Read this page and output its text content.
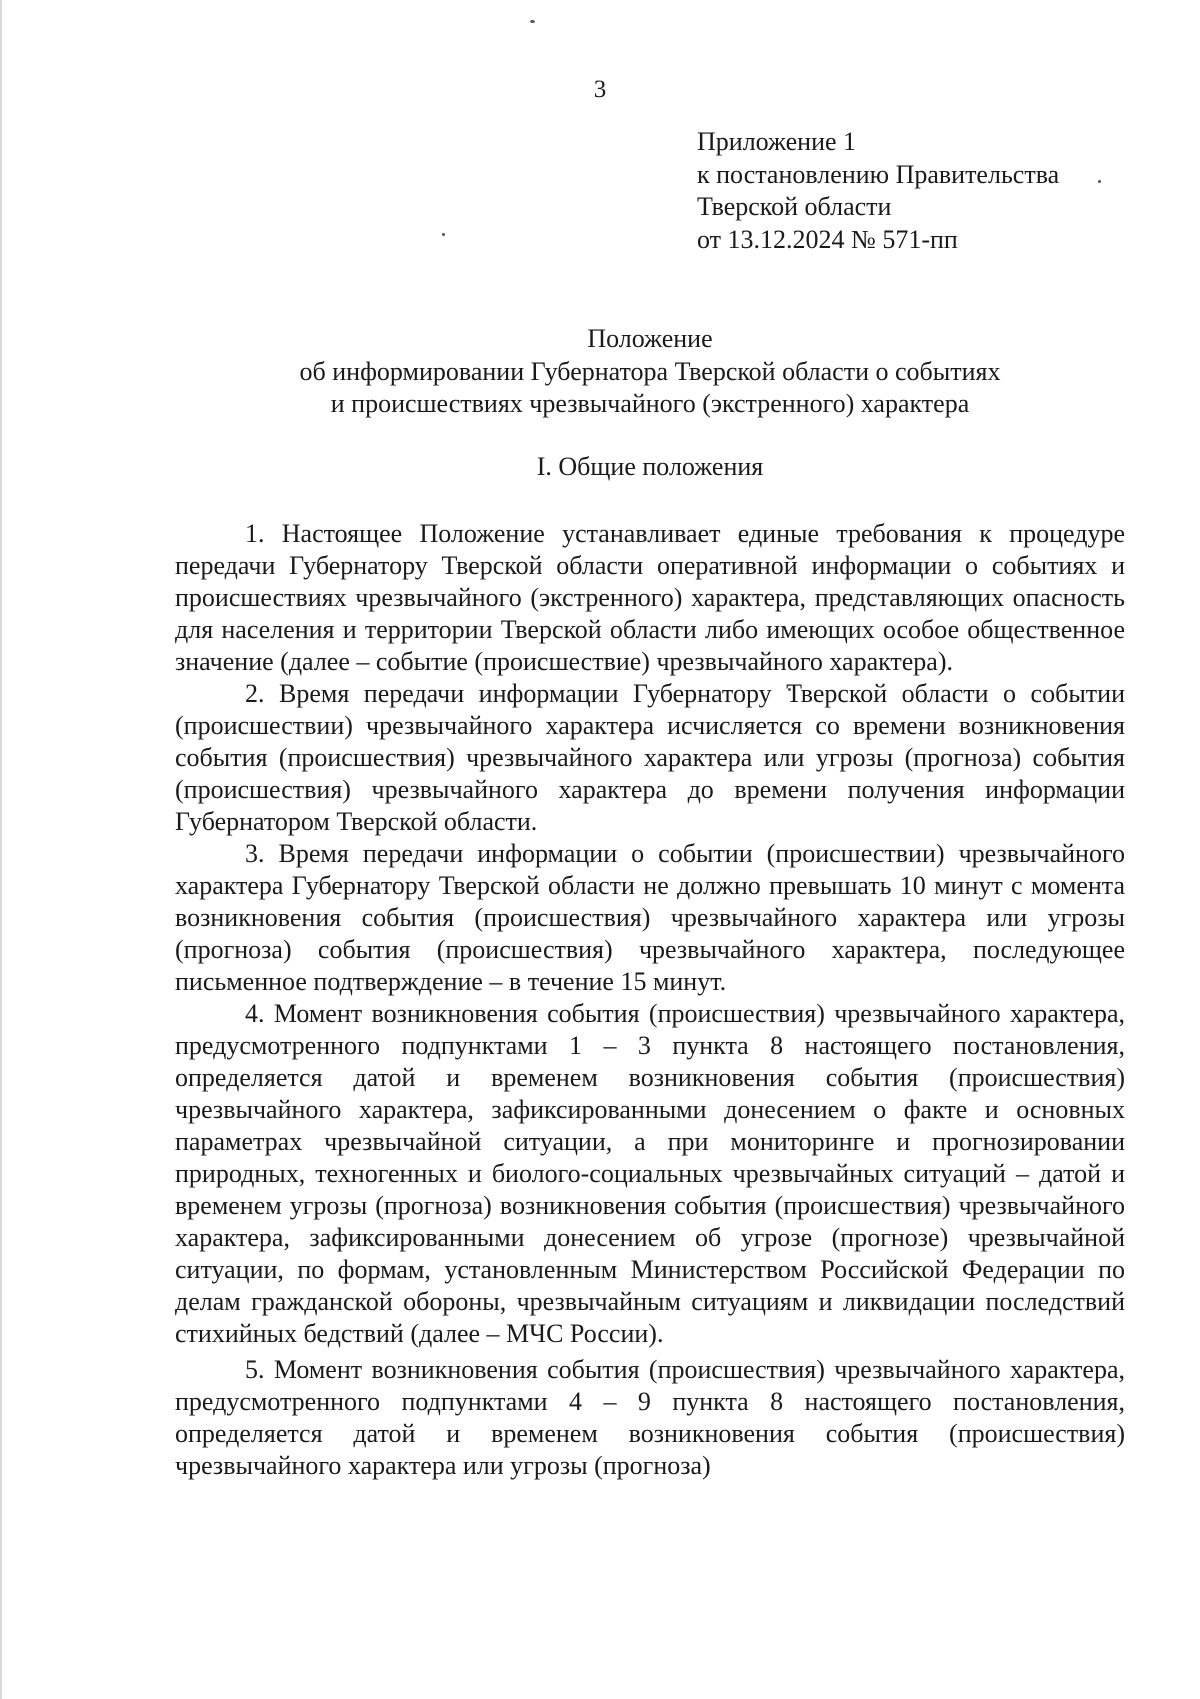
3
Приложение 1
к постановлению Правительства
Тверской области
от 13.12.2024 № 571-пп
Положение
об информировании Губернатора Тверской области о событиях
и происшествиях чрезвычайного (экстренного) характера
I. Общие положения

1. Настоящее Положение устанавливает единые требования к процедуре передачи Губернатору Тверской области оперативной информации о событиях и происшествиях чрезвычайного (экстренного) характера, представляющих опасность для населения и территории Тверской области либо имеющих особое общественное значение (далее – событие (происшествие) чрезвычайного характера).

2. Время передачи информации Губернатору Тверской области о событии (происшествии) чрезвычайного характера исчисляется со времени возникновения события (происшествия) чрезвычайного характера или угрозы (прогноза) события (происшествия) чрезвычайного характера до времени получения информации Губернатором Тверской области.

3. Время передачи информации о событии (происшествии) чрезвычайного характера Губернатору Тверской области не должно превышать 10 минут с момента возникновения события (происшествия) чрезвычайного характера или угрозы (прогноза) события (происшествия) чрезвычайного характера, последующее письменное подтверждение – в течение 15 минут.

4. Момент возникновения события (происшествия) чрезвычайного характера, предусмотренного подпунктами 1 – 3 пункта 8 настоящего постановления, определяется датой и временем возникновения события (происшествия) чрезвычайного характера, зафиксированными донесением о факте и основных параметрах чрезвычайной ситуации, а при мониторинге и прогнозировании природных, техногенных и биолого-социальных чрезвычайных ситуаций – датой и временем угрозы (прогноза) возникновения события (происшествия) чрезвычайного характера, зафиксированными донесением об угрозе (прогнозе) чрезвычайной ситуации, по формам, установленным Министерством Российской Федерации по делам гражданской обороны, чрезвычайным ситуациям и ликвидации последствий стихийных бедствий (далее – МЧС России).

5. Момент возникновения события (происшествия) чрезвычайного характера, предусмотренного подпунктами 4 – 9 пункта 8 настоящего постановления, определяется датой и временем возникновения события (происшествия) чрезвычайного характера или угрозы (прогноза)
